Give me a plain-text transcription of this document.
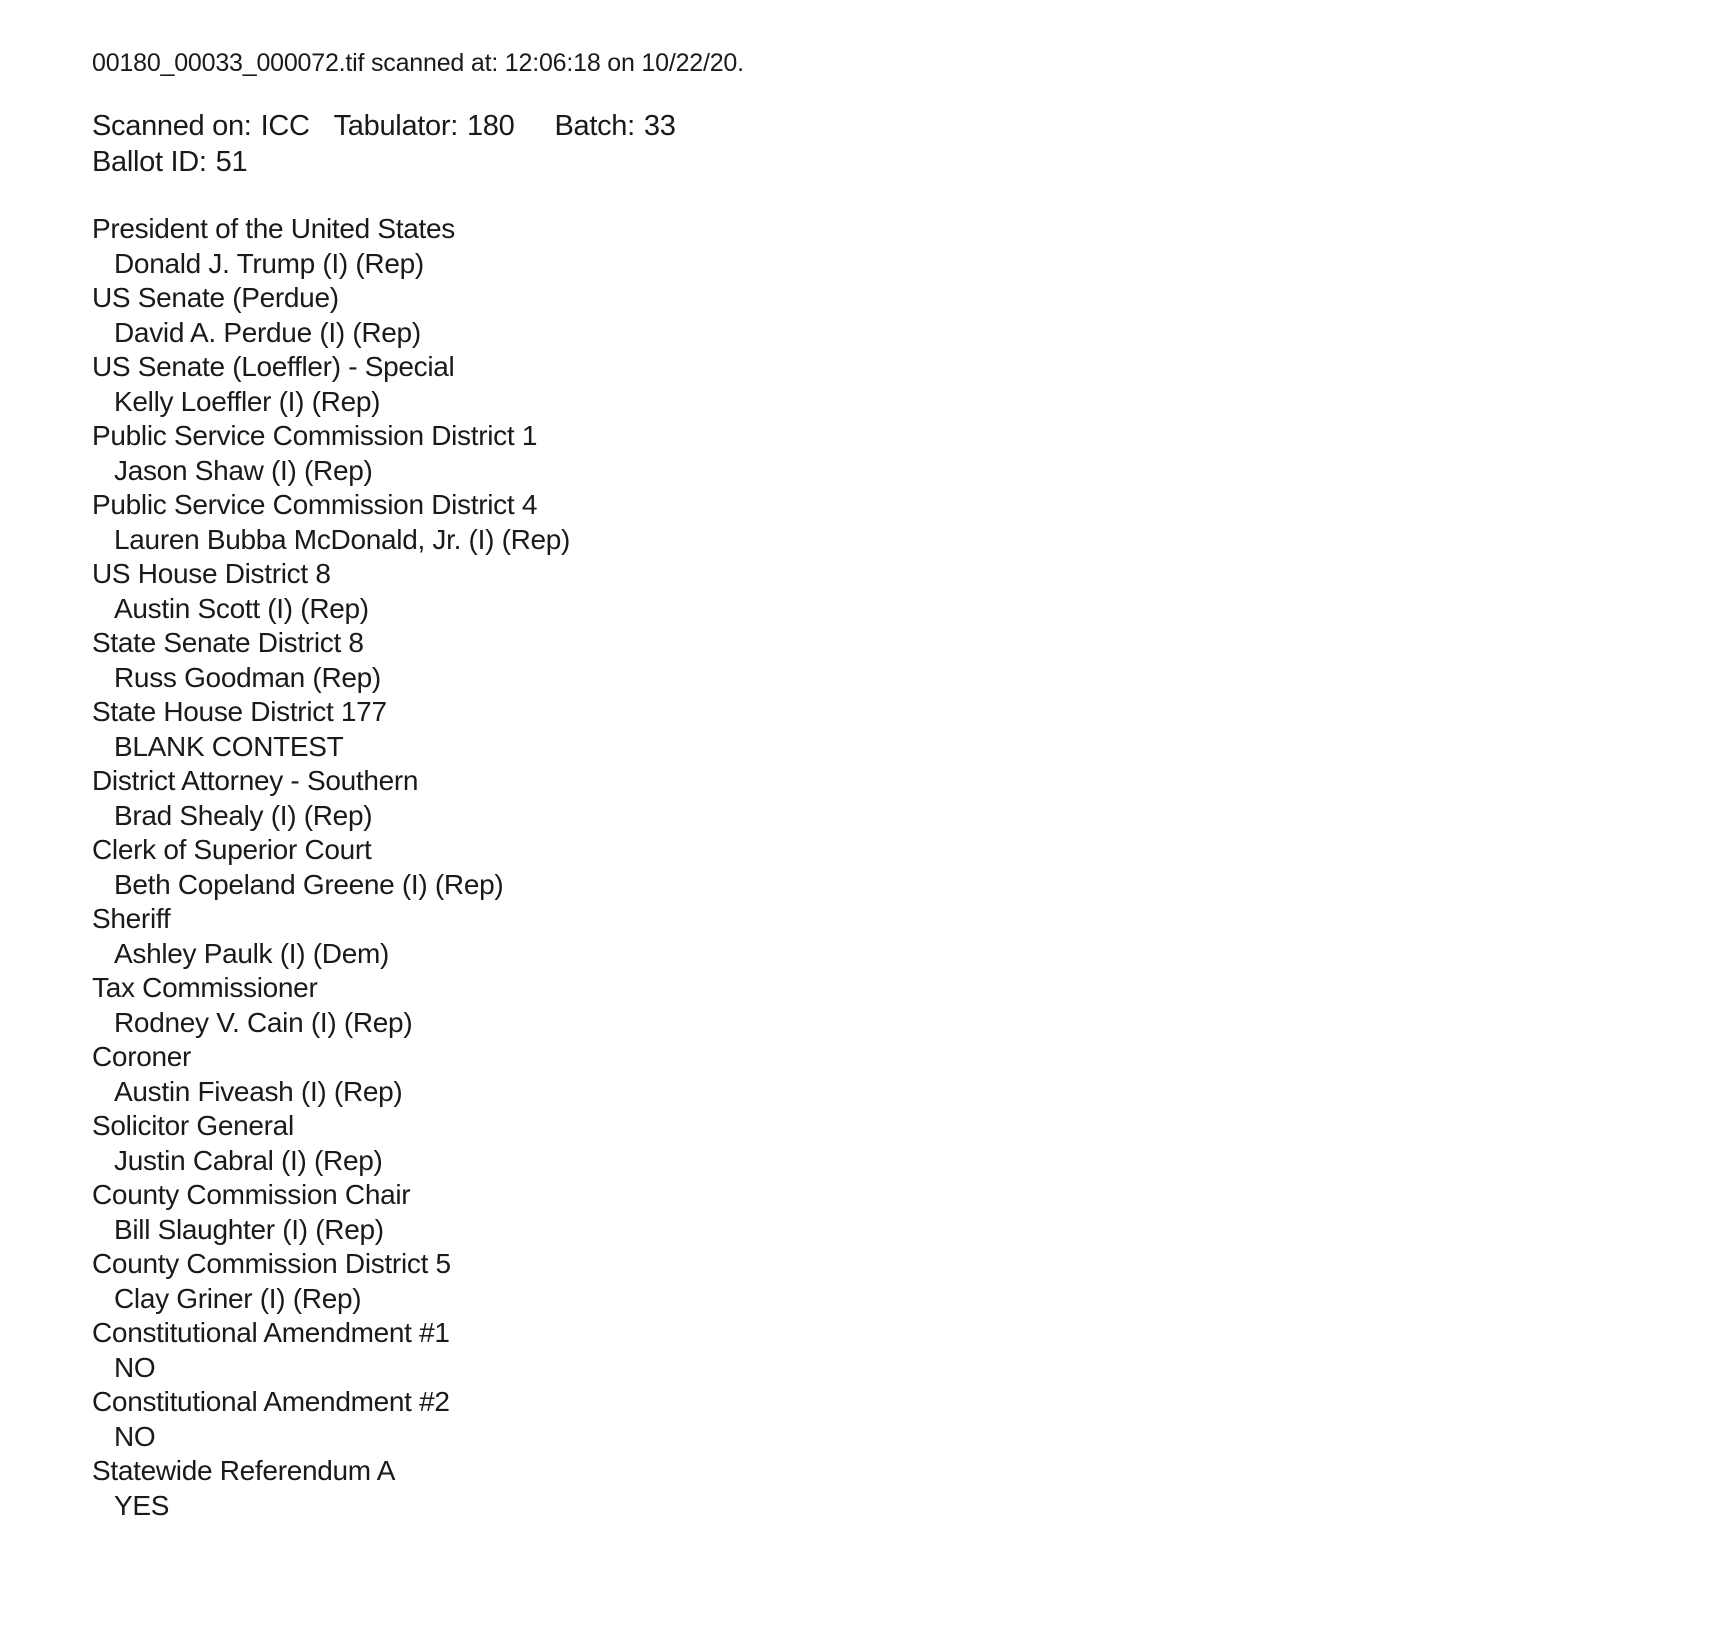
00180_00033_000072.tif scanned at: 12:06:18 on 10/22/20.
Scanned on: ICC Tabulator: 180 Batch: 33
Ballot ID: 51
President of the United States
Donald J. Trump (I) (Rep)
US Senate (Perdue)
David A. Perdue (I) (Rep)
US Senate (Loeffler) - Special
Kelly Loeffler (I) (Rep)
Public Service Commission District 1
Jason Shaw (I) (Rep)
Public Service Commission District 4
Lauren Bubba McDonald, Jr. (I) (Rep)
US House District 8
Austin Scott (I) (Rep)
State Senate District 8
Russ Goodman (Rep)
State House District 177
BLANK CONTEST
District Attorney - Southern
Brad Shealy (I) (Rep)
Clerk of Superior Court
Beth Copeland Greene (I) (Rep)
Sheriff
Ashley Paulk (I) (Dem)
Tax Commissioner
Rodney V. Cain (I) (Rep)
Coroner
Austin Fiveash (I) (Rep)
Solicitor General
Justin Cabral (I) (Rep)
County Commission Chair
Bill Slaughter (I) (Rep)
County Commission District 5
Clay Griner (I) (Rep)
Constitutional Amendment #1
NO
Constitutional Amendment #2
NO
Statewide Referendum A
YES
